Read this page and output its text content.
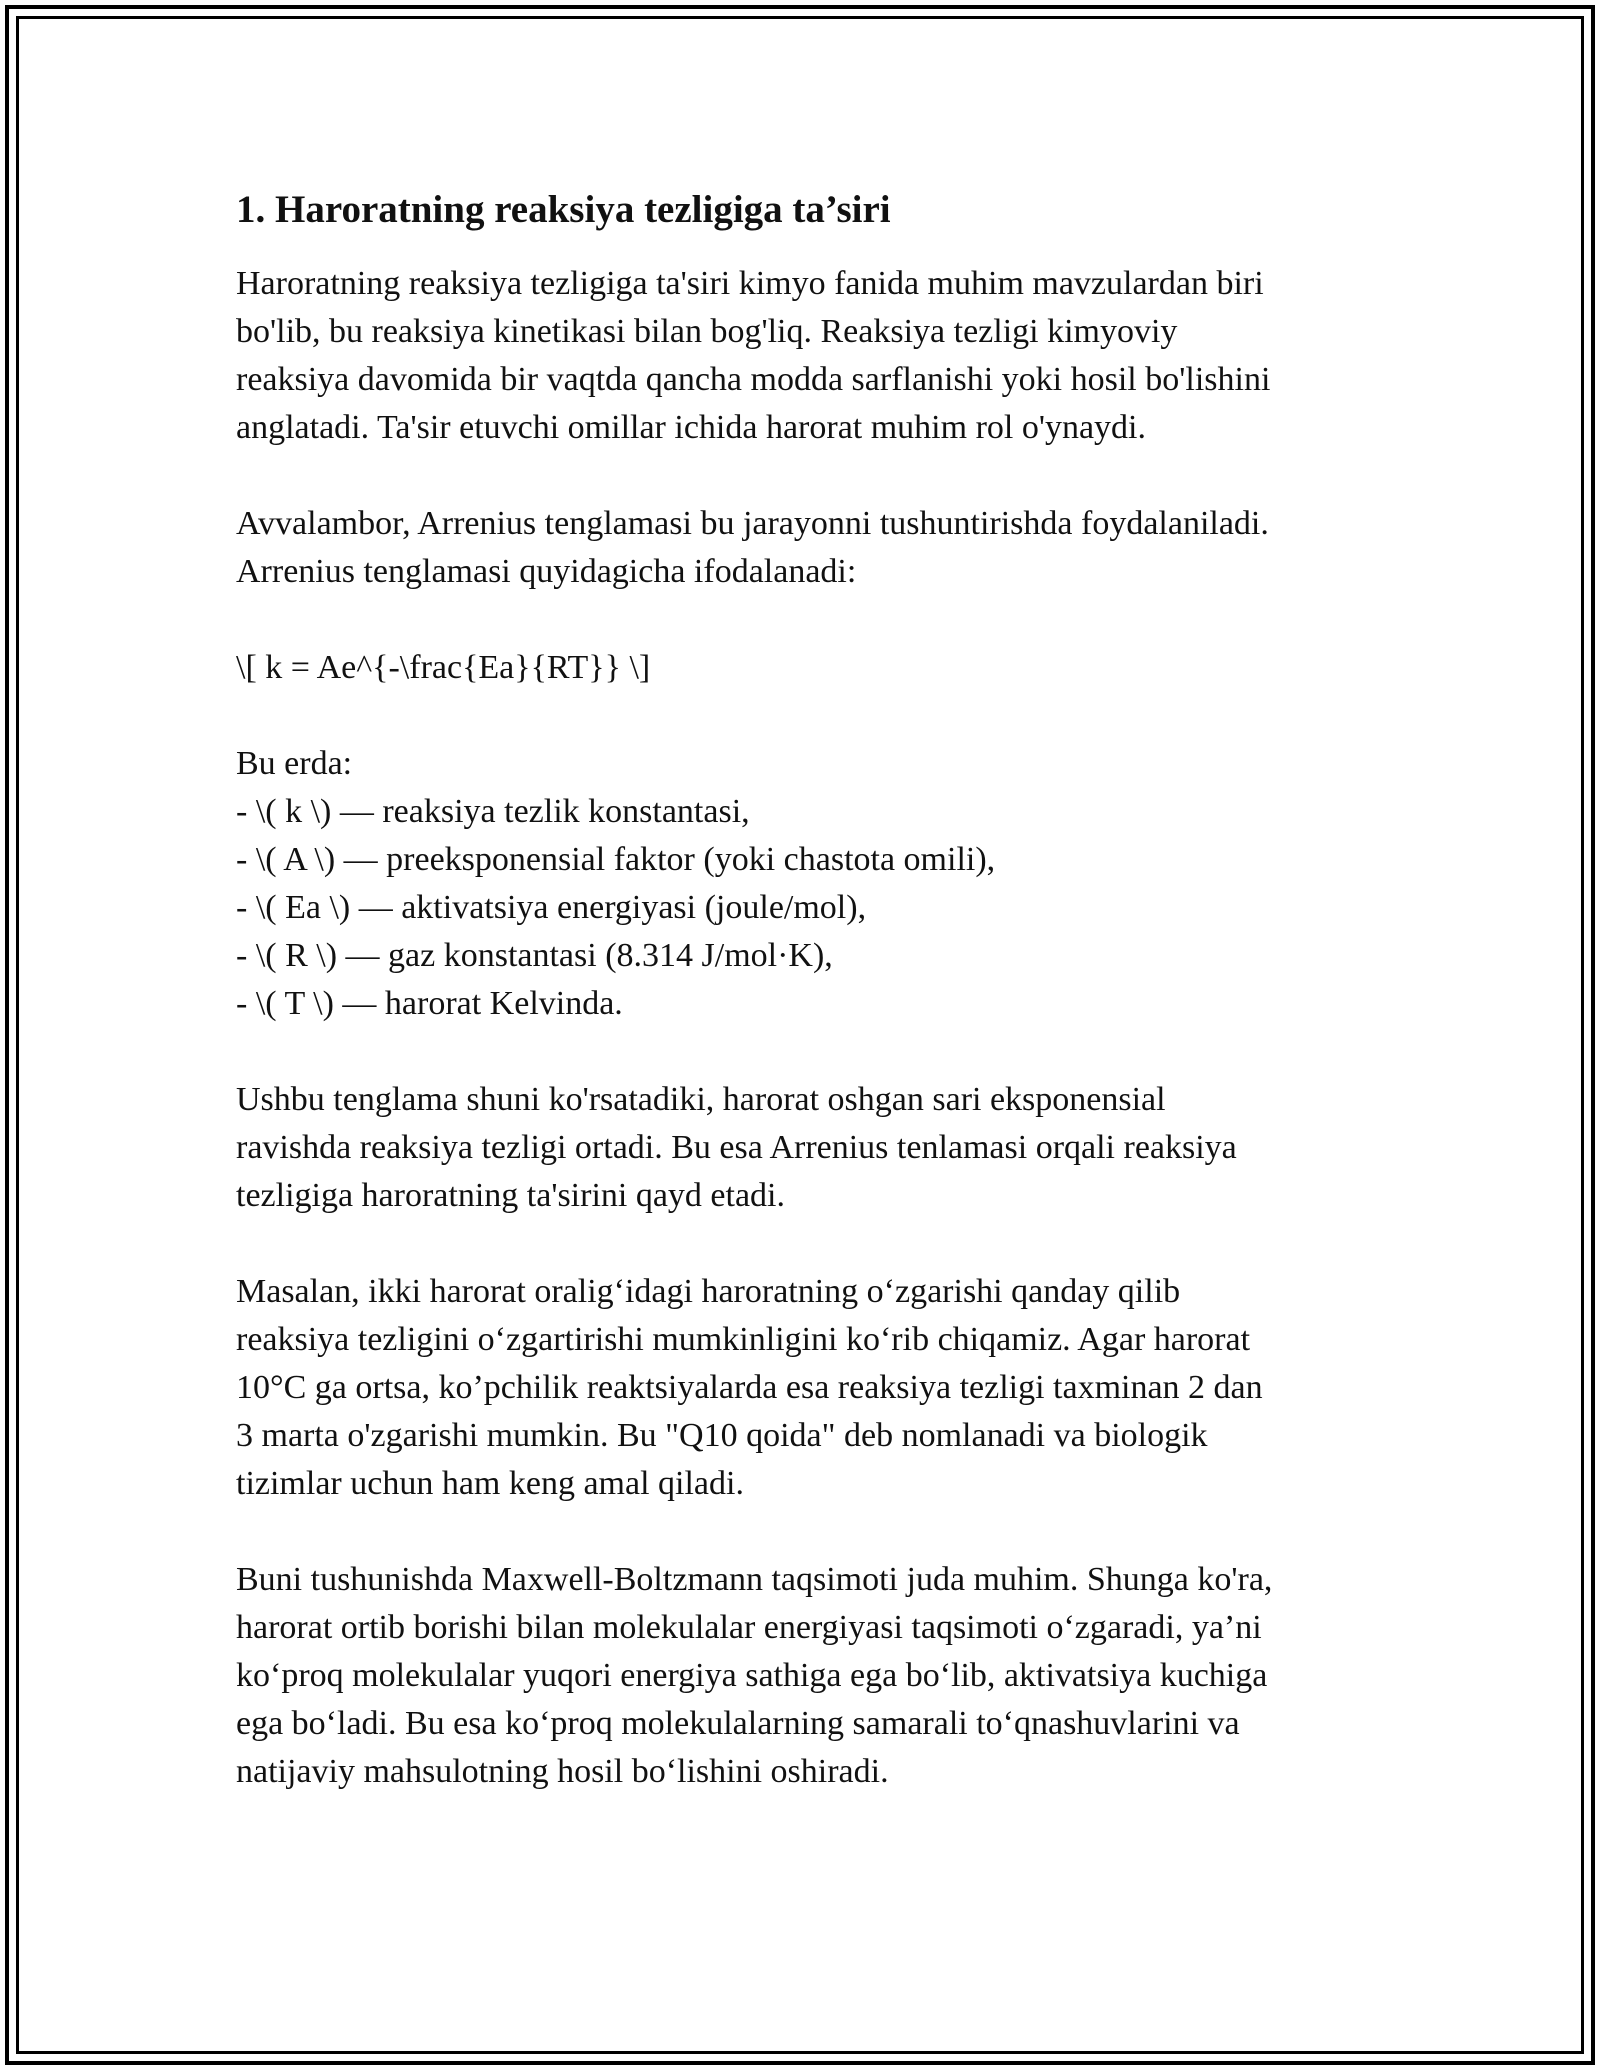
1. Haroratning reaksiya tezligiga ta’siri

Haroratning reaksiya tezligiga ta'siri kimyo fanida muhim mavzulardan biri
bo'lib, bu reaksiya kinetikasi bilan bog'liq. Reaksiya tezligi kimyoviy
reaksiya davomida bir vaqtda qancha modda sarflanishi yoki hosil bo'lishini
anglatadi. Ta'sir etuvchi omillar ichida harorat muhim rol o'ynaydi.

Avvalambor, Arrenius tenglamasi bu jarayonni tushuntirishda foydalaniladi.
Arrenius tenglamasi quyidagicha ifodalanadi:

\[ k = Ae^{-\frac{Ea}{RT}} \]

Bu erda:
- \( k \) — reaksiya tezlik konstantasi,
- \( A \) — preeksponensial faktor (yoki chastota omili),
- \( Ea \) — aktivatsiya energiyasi (joule/mol),
- \( R \) — gaz konstantasi (8.314 J/mol·K),
- \( T \) — harorat Kelvinda.

Ushbu tenglama shuni ko'rsatadiki, harorat oshgan sari eksponensial
ravishda reaksiya tezligi ortadi. Bu esa Arrenius tenlamasi orqali reaksiya
tezligiga haroratning ta'sirini qayd etadi.

Masalan, ikki harorat oralig‘idagi haroratning o‘zgarishi qanday qilib
reaksiya tezligini o‘zgartirishi mumkinligini ko‘rib chiqamiz. Agar harorat
10°C ga ortsa, ko’pchilik reaktsiyalarda esa reaksiya tezligi taxminan 2 dan
3 marta o'zgarishi mumkin. Bu "Q10 qoida" deb nomlanadi va biologik
tizimlar uchun ham keng amal qiladi.

Buni tushunishda Maxwell-Boltzmann taqsimoti juda muhim. Shunga ko'ra,
harorat ortib borishi bilan molekulalar energiyasi taqsimoti o‘zgaradi, ya’ni
ko‘proq molekulalar yuqori energiya sathiga ega bo‘lib, aktivatsiya kuchiga
ega bo‘ladi. Bu esa ko‘proq molekulalarning samarali to‘qnashuvlarini va
natijaviy mahsulotning hosil bo‘lishini oshiradi.
